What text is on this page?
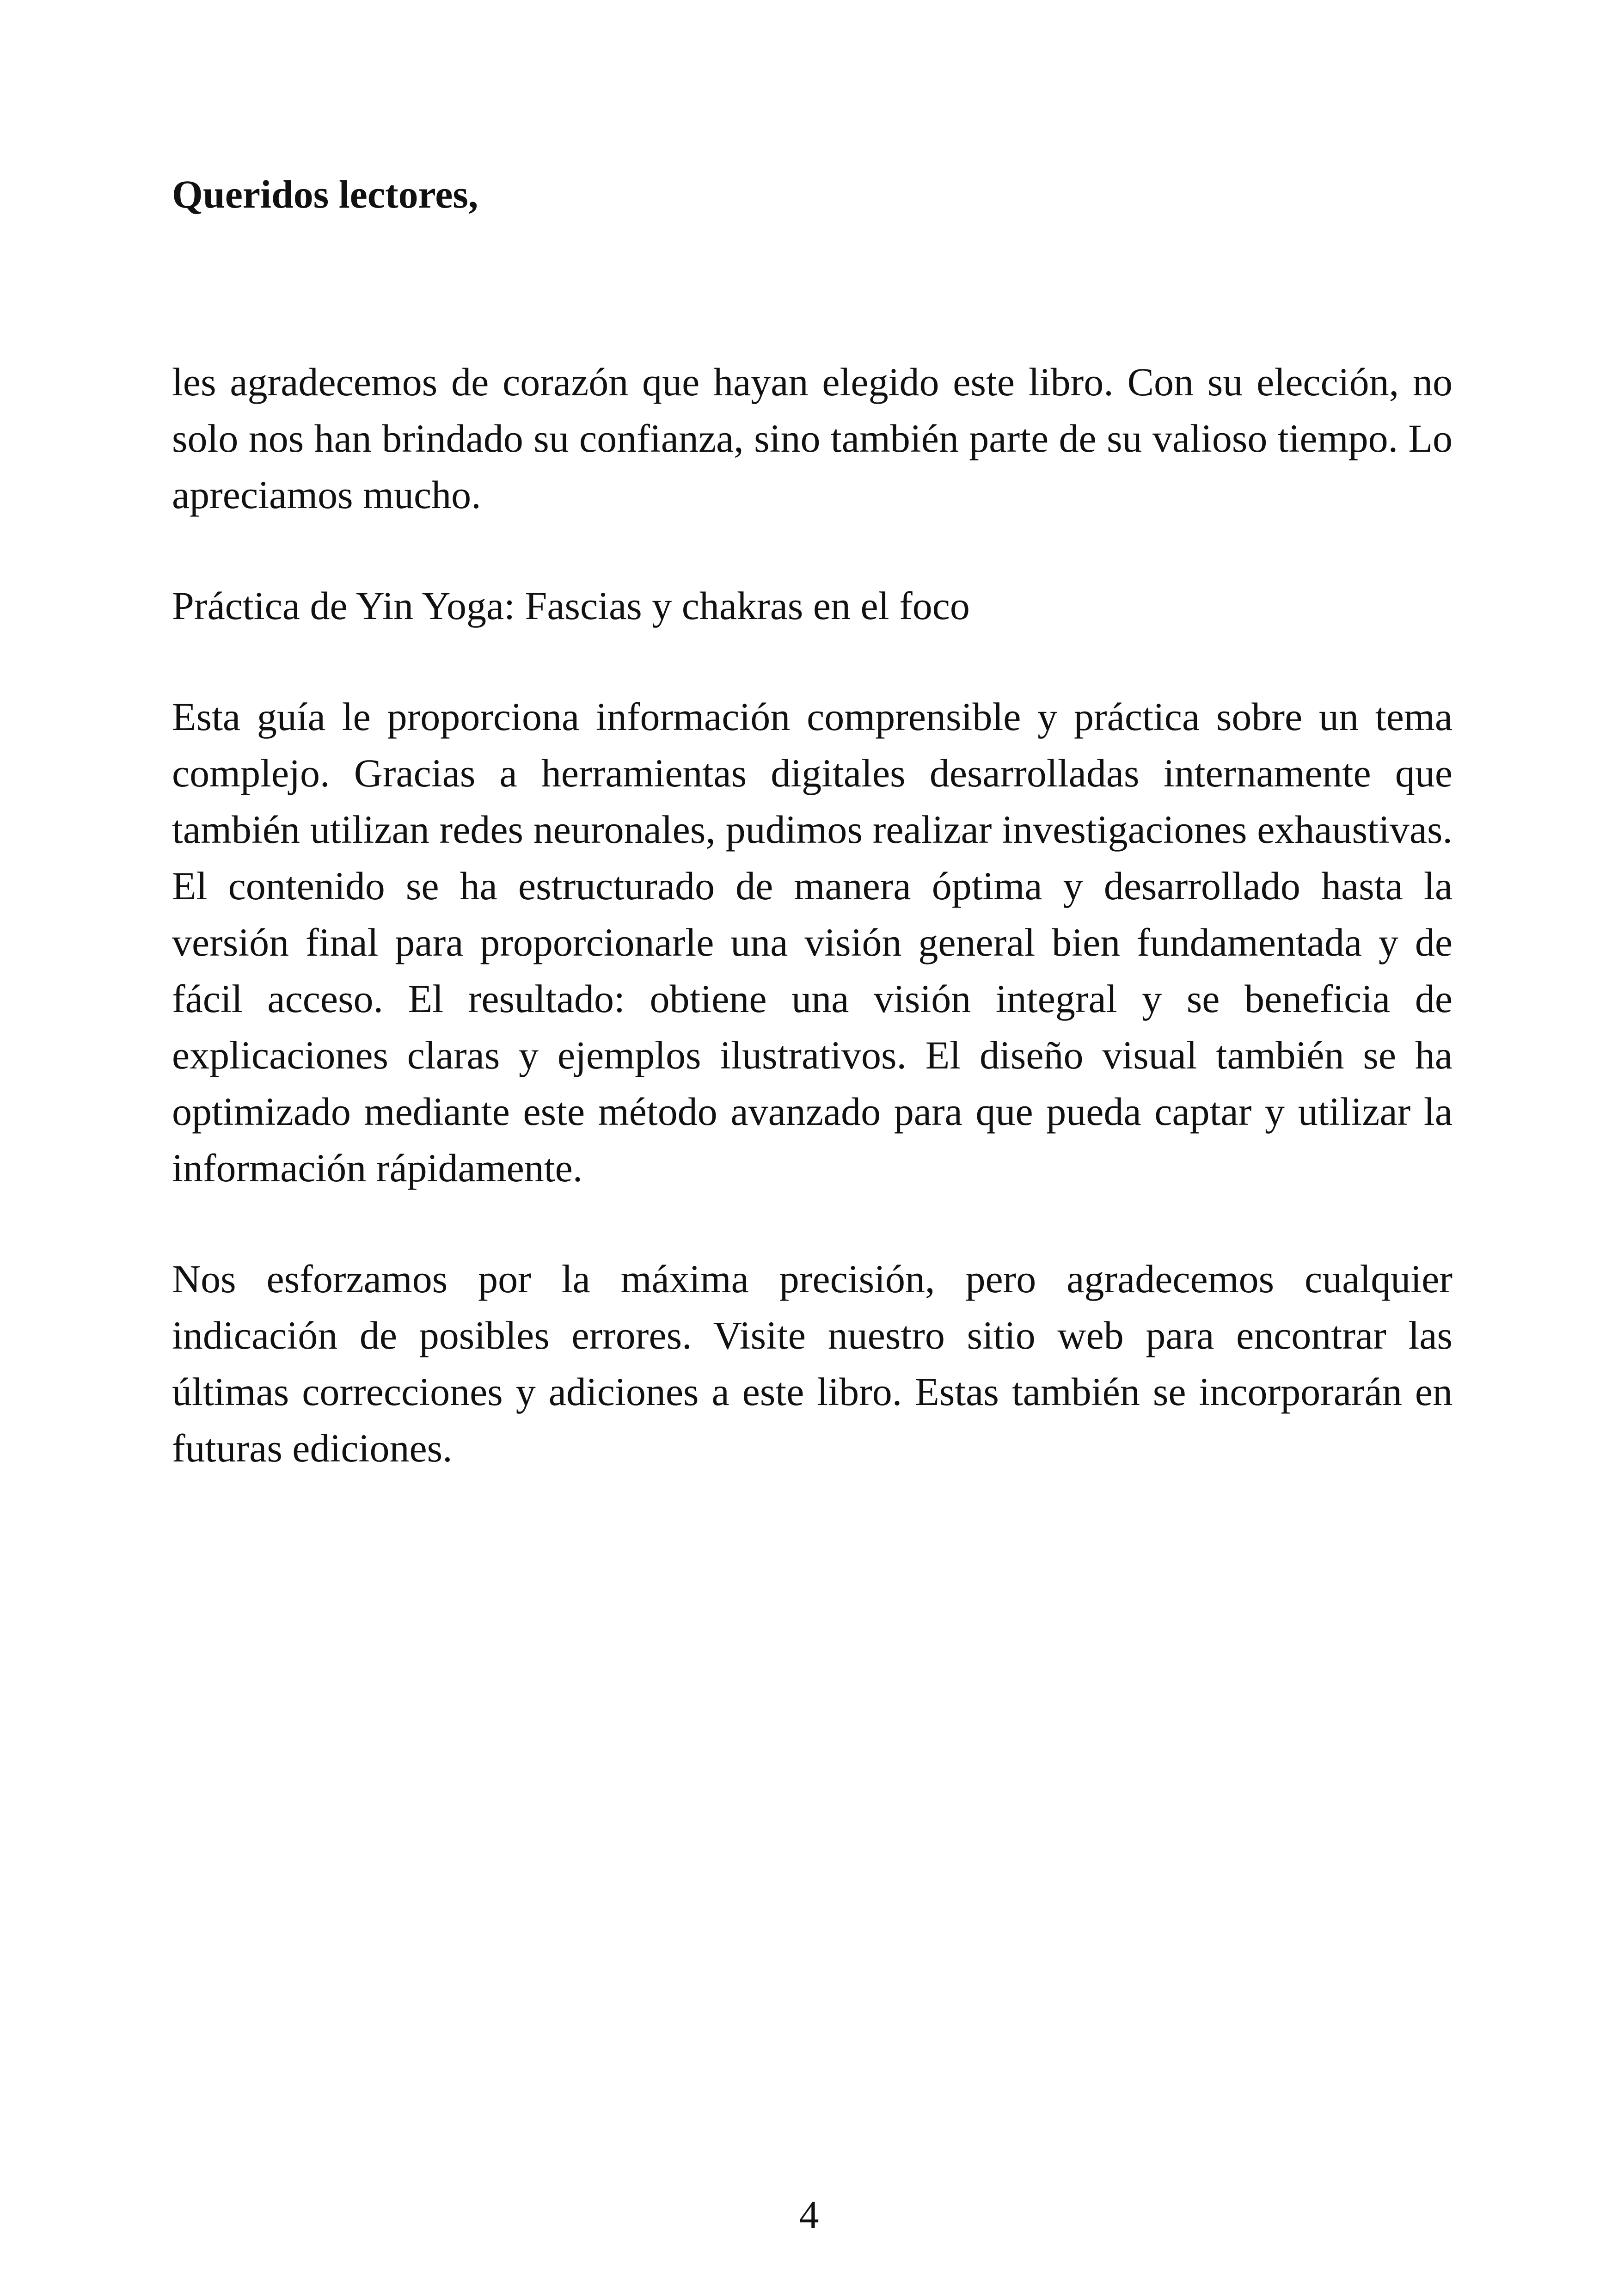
Queridos lectores,

les agradecemos de corazón que hayan elegido este libro. Con su elección, no solo nos han brindado su confianza, sino también parte de su valioso tiempo. Lo apreciamos mucho.

Práctica de Yin Yoga: Fascias y chakras en el foco

Esta guía le proporciona información comprensible y práctica sobre un tema complejo. Gracias a herramientas digitales desarrolladas internamente que también utilizan redes neuronales, pudimos realizar investigaciones exhaustivas. El contenido se ha estructurado de manera óptima y desarrollado hasta la versión final para proporcionarle una visión general bien fundamentada y de fácil acceso. El resultado: obtiene una visión integral y se beneficia de explicaciones claras y ejemplos ilustrativos. El diseño visual también se ha optimizado mediante este método avanzado para que pueda captar y utilizar la información rápidamente.

Nos esforzamos por la máxima precisión, pero agradecemos cualquier indicación de posibles errores. Visite nuestro sitio web para encontrar las últimas correcciones y adiciones a este libro. Estas también se incorporarán en futuras ediciones.

4
